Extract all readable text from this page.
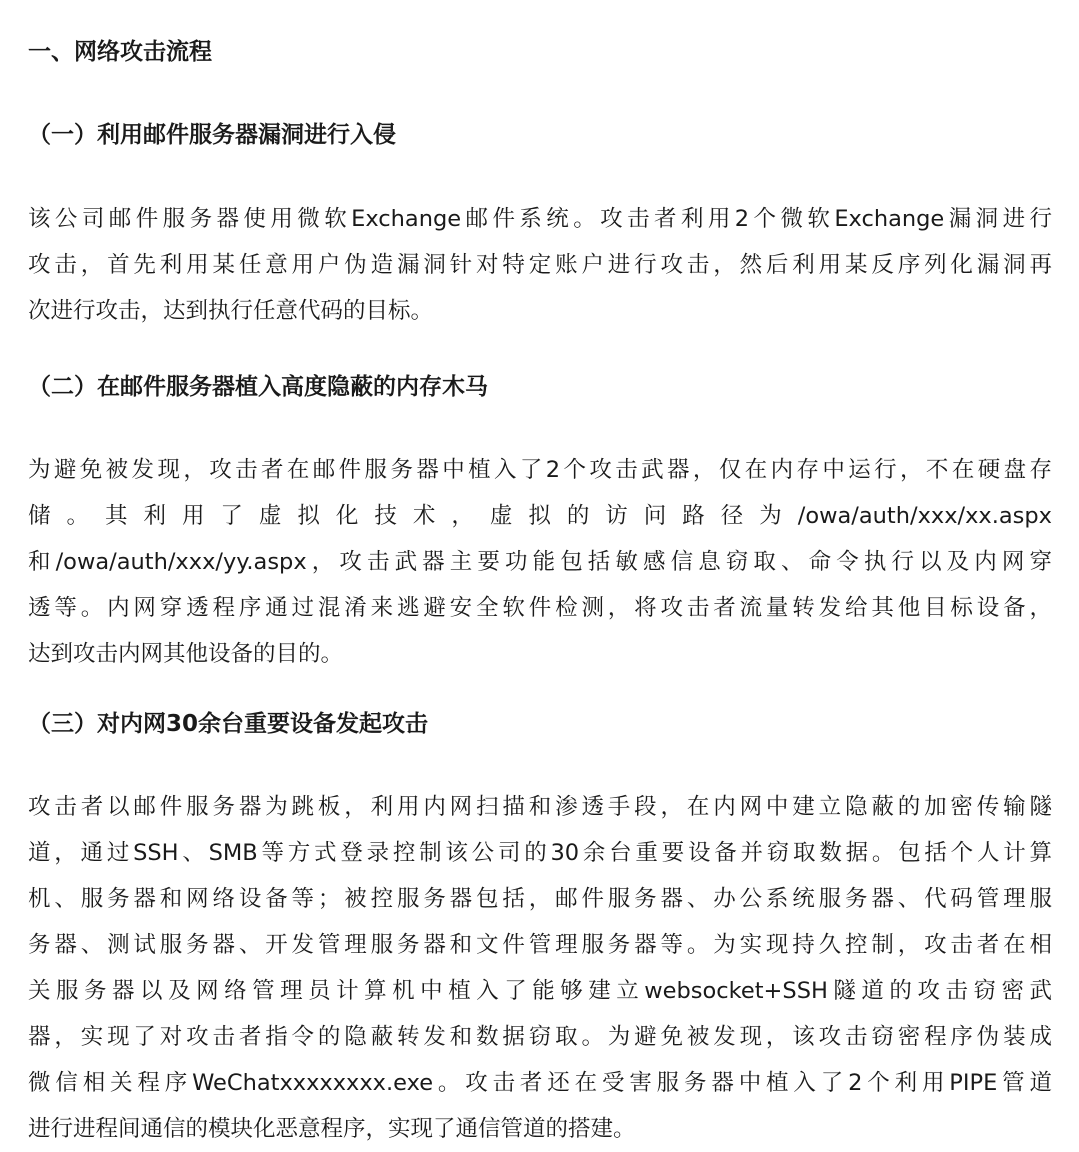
一、网络攻击流程
（一）利用邮件服务器漏洞进行入侵
该公司邮件服务器使用微软Exchange邮件系统。攻击者利用2个微软Exchange漏洞进行
攻击，首先利用某任意用户伪造漏洞针对特定账户进行攻击，然后利用某反序列化漏洞再
次进行攻击，达到执行任意代码的目标。
（二）在邮件服务器植入高度隐蔽的内存木马
为避免被发现，攻击者在邮件服务器中植入了2个攻击武器，仅在内存中运行，不在硬盘存
储 。 其 利 用 了 虚 拟 化 技 术 ， 虚 拟 的 访 问 路 径 为 /owa/auth/xxx/xx.aspx
和/owa/auth/xxx/yy.aspx，攻击武器主要功能包括敏感信息窃取、命令执行以及内网穿
透等。内网穿透程序通过混淆来逃避安全软件检测，将攻击者流量转发给其他目标设备，
达到攻击内网其他设备的目的。
（三）对内网30余台重要设备发起攻击
攻击者以邮件服务器为跳板，利用内网扫描和渗透手段，在内网中建立隐蔽的加密传输隧
道，通过SSH、SMB等方式登录控制该公司的30余台重要设备并窃取数据。包括个人计算
机、服务器和网络设备等；被控服务器包括，邮件服务器、办公系统服务器、代码管理服
务器、测试服务器、开发管理服务器和文件管理服务器等。为实现持久控制，攻击者在相
关服务器以及网络管理员计算机中植入了能够建立websocket+SSH隧道的攻击窃密武
器，实现了对攻击者指令的隐蔽转发和数据窃取。为避免被发现，该攻击窃密程序伪装成
微信相关程序WeChatxxxxxxxx.exe。攻击者还在受害服务器中植入了2个利用PIPE管道
进行进程间通信的模块化恶意程序，实现了通信管道的搭建。
